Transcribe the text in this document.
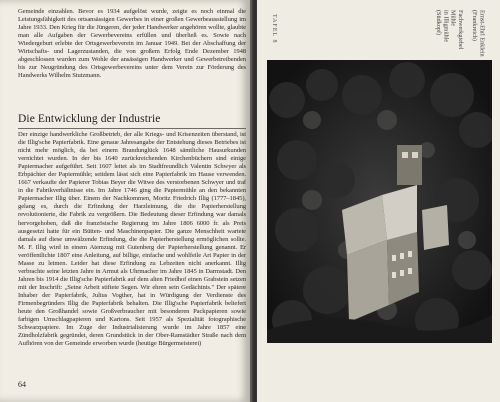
Gemeinde einzahlen. Bevor es 1934 aufgelöst wurde, zeigte es noch einmal die Leistungsfähigkeit des ortsansässigen Gewerbes in einer großen Gewerbeausstellung im Jahre 1933. Den Krieg für die Jüngeren, der jeder Handwerker angehören wollte, glaubte man alle Aufgaben der Gewerbevereins erfüllen und überließ es. Sowie nach Wiedergeburt erlebte der Ortsgewerbeverein im Januar 1949. Bei der Abschaffung der Wirtschafts- und Lagerzustanden, die von großem Erfolg Ende Dezember 1948 abgeschlossen wurden zum Wohle der ansässigen Handwerker und Gewerbetreibenden bis zur Neugründung des Ortsgewerbevereins unter dem Verein zur Förderung des Handwerks Wilhelm Stutzmann.

Die Entwicklung der Industrie

Der einzige handwerkliche Großbetrieb, der alle Kriegs- und Krisenzeiten überstand, ist die Illig'sche Papierfabrik. Eine genaue Jahresangabe der Entstehung dieses Betriebes ist nicht mehr möglich, da bei einem Brandunglück 1648 sämtliche Hausurkunden vernichtet wurden. In der bis 1640 zurückreichenden Kirchenbüchern sind einige Papiermacher aufgeführt. Seit 1607 leitet als im Stadtfreundlich Valentin Schwyer als Erbpächter der Papiermühle; seitdem lässt sich eine Papierfabrik im Hause verwenden. 1667 verkaufte der Papierer Tobias Beyer die Witwe des verstorbenen Schwyer und traf in die Fabrikverhältnisse ein. Im Jahre 1746 ging die Papiermühle an den bekannten Papiermacher Illig über. Einem der Nachkommen, Moritz Friedrich Illig (1777–1845), gelang es, durch die Erfindung der Harzleimung, die die Papierherstellung revolutionierte, die Fabrik zu vergrößern. Die Bedeutung dieser Erfindung war damals hervorgehoben, daß die französische Regierung im Jahre 1806 6000 fr. als Preis ausgesetzt hatte für ein Bütten- und Maschinenpapier. Die ganze Menschheit wartete damals auf diese umwälzende Erfindung, die die Papierherstellung ermöglichen sollte. M. F. Illig wird in einem Atemzug mit Gutenberg der Papierherstellung genannt. Er veröffentlichte 1807 eine Anleitung, auf billige, einfache und wohlfeile Art Papier in der Masse zu leimen. Leider hat diese Erfindung zu Lebzeiten nicht anerkannt. Illig verbrachte seine letzten Jahre in Armut als Uhrmacher im Jahre 1845 in Darmstadt. Den Jahren bis 1914 die Illig'sche Papierfabrik auf dem alten Friedhof einen Grabstein setzen mit der Inschrift: „Seine Arbeit stiftete Segen. Wir ehren sein Gedächtnis." Der spätere Inhaber der Papierfabrik, Julius Vogther, hat in Würdigung der Verdienste des Firmenbegründers Illig die Papierfabrik behalten. Die Illig'sche Papierfabrik beliefert heute den Großhandel sowie Großverbraucher mit besonderen Packpapieren sowie farbigen Umschlagpapieren und Kartons. Seit 1957 als Spezialität fotographische Schwarzpapiere. Im Zuge der Industrialisierung wurde im Jahre 1857 eine Zündholzfabrik gegründet, deren Grundstück in der Ober-Ramstädter Straße nach dem Aufhören von der Gemeinde erworben wurde (heutige Bürgermeisterei)

64
TAFEL 8	Fachwerkgiebel
Mühle
in Illigmühle
(Südkopf)	Ernst-Ehrl Enklein
(Frankreich)
